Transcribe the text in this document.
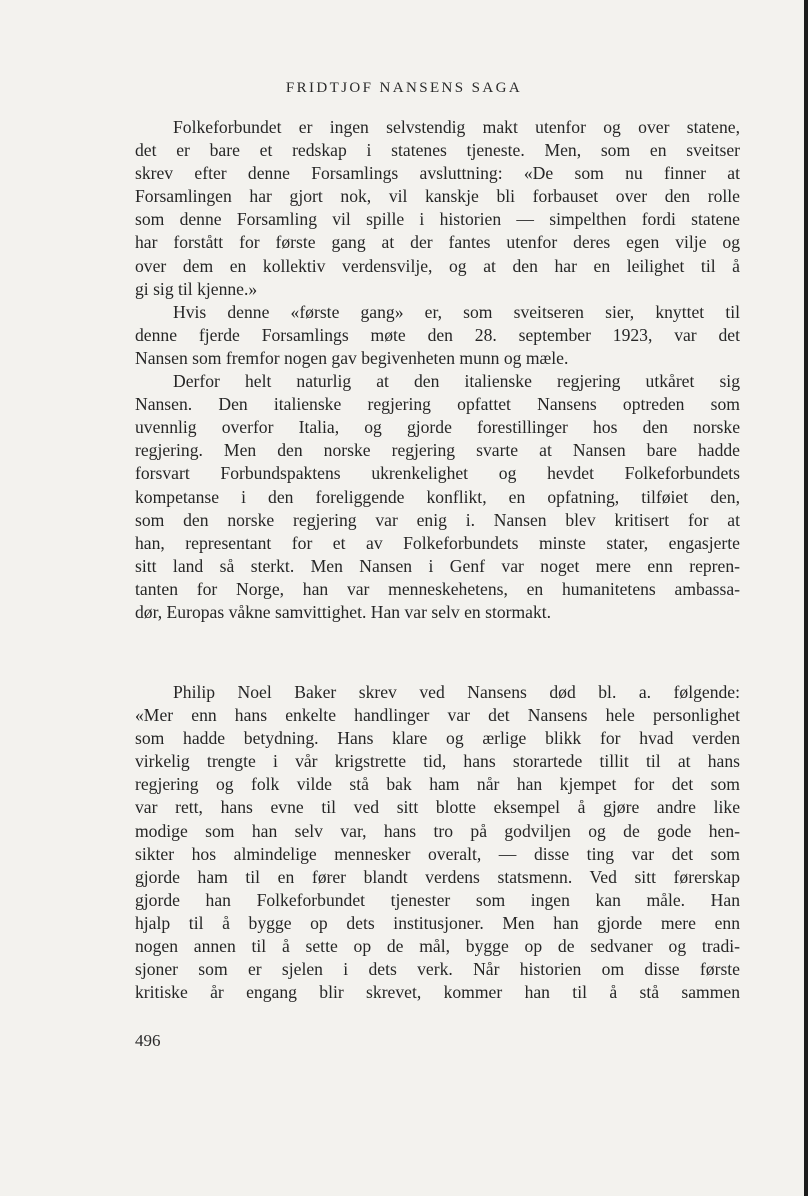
FRIDTJOF NANSENS SAGA
Folkeforbundet er ingen selvstendig makt utenfor og over statene,
det er bare et redskap i statenes tjeneste. Men, som en sveitser
skrev efter denne Forsamlings avsluttning: «De som nu finner at
Forsamlingen har gjort nok, vil kanskje bli forbauset over den rolle
som denne Forsamling vil spille i historien — simpelthen fordi statene
har forstått for første gang at der fantes utenfor deres egen vilje og
over dem en kollektiv verdensvilje, og at den har en leilighet til å
gi sig til kjenne.»
Hvis denne «første gang» er, som sveitseren sier, knyttet til
denne fjerde Forsamlings møte den 28. september 1923, var det
Nansen som fremfor nogen gav begivenheten munn og mæle.
Derfor helt naturlig at den italienske regjering utkåret sig
Nansen. Den italienske regjering opfattet Nansens optreden som
uvennlig overfor Italia, og gjorde forestillinger hos den norske
regjering. Men den norske regjering svarte at Nansen bare hadde
forsvart Forbundspaktens ukrenkelighet og hevdet Folkeforbundets
kompetanse i den foreliggende konflikt, en opfatning, tilføiet den,
som den norske regjering var enig i. Nansen blev kritisert for at
han, representant for et av Folkeforbundets minste stater, engasjerte
sitt land så sterkt. Men Nansen i Genf var noget mere enn repren‐
tanten for Norge, han var menneskehetens, en humanitetens ambassa‐
dør, Europas våkne samvittighet. Han var selv en stormakt.
Philip Noel Baker skrev ved Nansens død bl. a. følgende:
«Mer enn hans enkelte handlinger var det Nansens hele personlighet
som hadde betydning. Hans klare og ærlige blikk for hvad verden
virkelig trengte i vår krigstrette tid, hans storartede tillit til at hans
regjering og folk vilde stå bak ham når han kjempet for det som
var rett, hans evne til ved sitt blotte eksempel å gjøre andre like
modige som han selv var, hans tro på godviljen og de gode hen‐
sikter hos almindelige mennesker overalt, — disse ting var det som
gjorde ham til en fører blandt verdens statsmenn. Ved sitt førerskap
gjorde han Folkeforbundet tjenester som ingen kan måle. Han
hjalp til å bygge op dets institusjoner. Men han gjorde mere enn
nogen annen til å sette op de mål, bygge op de sedvaner og tradi‐
sjoner som er sjelen i dets verk. Når historien om disse første
kritiske år engang blir skrevet, kommer han til å stå sammen
496
